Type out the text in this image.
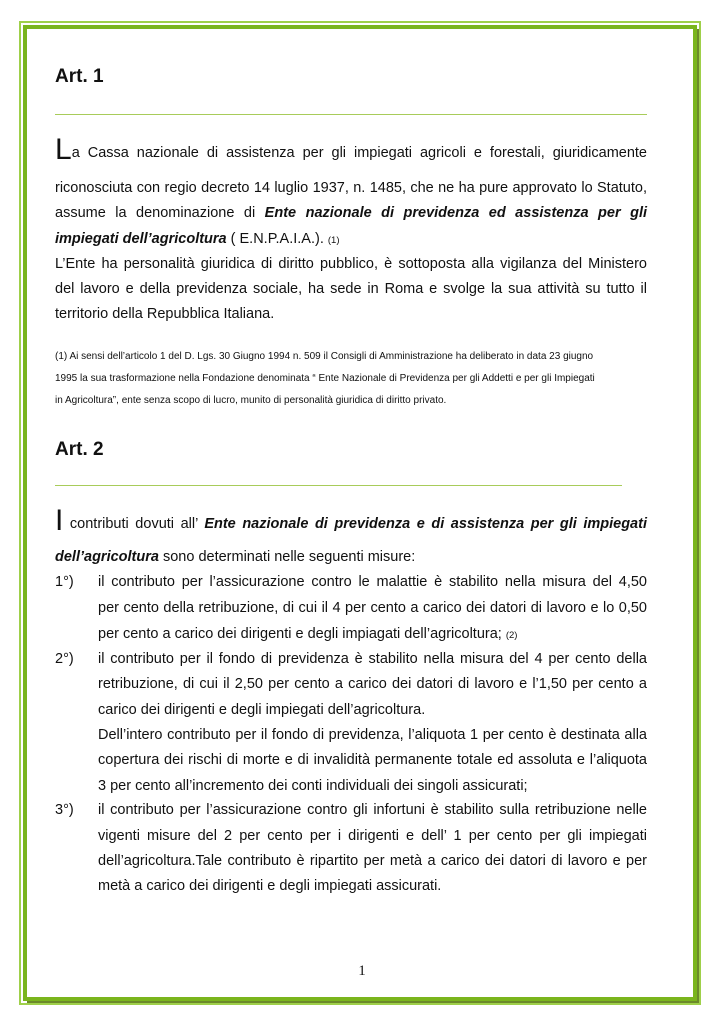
Art. 1
La Cassa nazionale di assistenza per gli impiegati agricoli e forestali, giuridicamente
riconosciuta con regio decreto 14 luglio 1937, n. 1485, che ne ha pure approvato lo Statuto,
assume la denominazione di Ente nazionale di previdenza ed assistenza per gli
impiegati dell’agricoltura ( E.N.P.A.I.A.). (1)
L’Ente ha personalità giuridica di diritto pubblico, è sottoposta alla vigilanza del Ministero
del lavoro e della previdenza sociale, ha sede in Roma e svolge la sua attività su tutto il
territorio della Repubblica Italiana.
(1) Ai sensi dell’articolo 1 del D. Lgs. 30 Giugno 1994 n. 509 il Consigli di Amministrazione ha deliberato in data 23 giugno
1995 la sua trasformazione nella Fondazione denominata “ Ente Nazionale di Previdenza per gli Addetti e per gli Impiegati
in Agricoltura”, ente senza scopo di lucro, munito di personalità giuridica di diritto privato.
Art. 2
I contributi dovuti all’ Ente nazionale di previdenza e di assistenza per gli impiegati
dell’agricoltura sono determinati nelle seguenti misure:
1°) il contributo per l’assicurazione contro le malattie è stabilito nella misura del 4,50
per cento della retribuzione, di cui il 4 per cento a carico dei datori di lavoro e lo 0,50
per cento a carico dei dirigenti e degli impiagati dell’agricoltura; (2)
2°) il contributo per il fondo di previdenza è stabilito nella misura del 4 per cento della
retribuzione, di cui il 2,50 per cento a carico dei datori di lavoro e l’1,50 per cento a
carico dei dirigenti e degli impiegati dell’agricoltura.
Dell’intero contributo per il fondo di previdenza, l’aliquota 1 per cento è destinata alla
copertura dei rischi di morte e di invalidità permanente totale ed assoluta e l’aliquota
3 per cento all’incremento dei conti individuali dei singoli assicurati;
3°) il contributo per l’assicurazione contro gli infortuni è stabilito sulla retribuzione nelle
vigenti misure del 2 per cento per i dirigenti e dell’ 1 per cento per gli impiegati
dell’agricoltura.Tale contributo è ripartito per metà a carico dei datori di lavoro e per
metà a carico dei dirigenti e degli impiegati assicurati.
1
